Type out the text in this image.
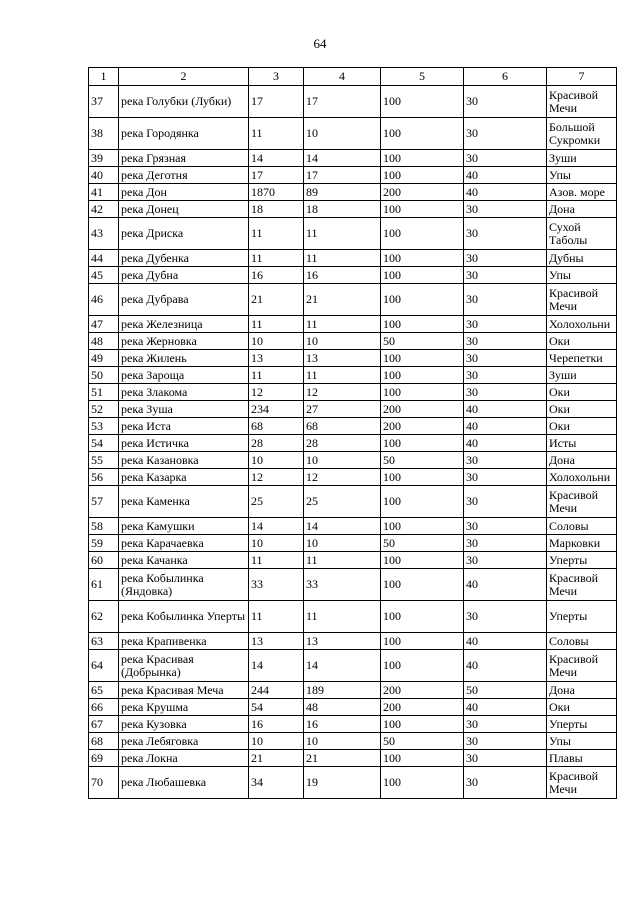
64
1	2	3	4	5	6	7
37	река Голубки (Лубки)	17	17	100	30	Красивой Мечи
38	река Городянка	11	10	100	30	Большой Сукромки
39	река Грязная	14	14	100	30	Зуши
40	река Деготня	17	17	100	40	Упы
41	река Дон	1870	89	200	40	Азов. море
42	река Донец	18	18	100	30	Дона
43	река Дриска	11	11	100	30	Сухой Таболы
44	река Дубенка	11	11	100	30	Дубны
45	река Дубна	16	16	100	30	Упы
46	река Дубрава	21	21	100	30	Красивой Мечи
47	река Железница	11	11	100	30	Холохольни
48	река Жерновка	10	10	50	30	Оки
49	река Жилень	13	13	100	30	Черепетки
50	река Зароща	11	11	100	30	Зуши
51	река Злакома	12	12	100	30	Оки
52	река Зуша	234	27	200	40	Оки
53	река Иста	68	68	200	40	Оки
54	река Истичка	28	28	100	40	Исты
55	река Казановка	10	10	50	30	Дона
56	река Казарка	12	12	100	30	Холохольни
57	река Каменка	25	25	100	30	Красивой Мечи
58	река Камушки	14	14	100	30	Соловы
59	река Карачаевка	10	10	50	30	Марковки
60	река Качанка	11	11	100	30	Уперты
61	река Кобылинка (Яндовка)	33	33	100	40	Красивой Мечи
62	река Кобылинка Уперты	11	11	100	30	Уперты
63	река Крапивенка	13	13	100	40	Соловы
64	река Красивая (Добрынка)	14	14	100	40	Красивой Мечи
65	река Красивая Меча	244	189	200	50	Дона
66	река Крушма	54	48	200	40	Оки
67	река Кузовка	16	16	100	30	Уперты
68	река Лебяговка	10	10	50	30	Упы
69	река Локна	21	21	100	30	Плавы
70	река Любашевка	34	19	100	30	Красивой Мечи
